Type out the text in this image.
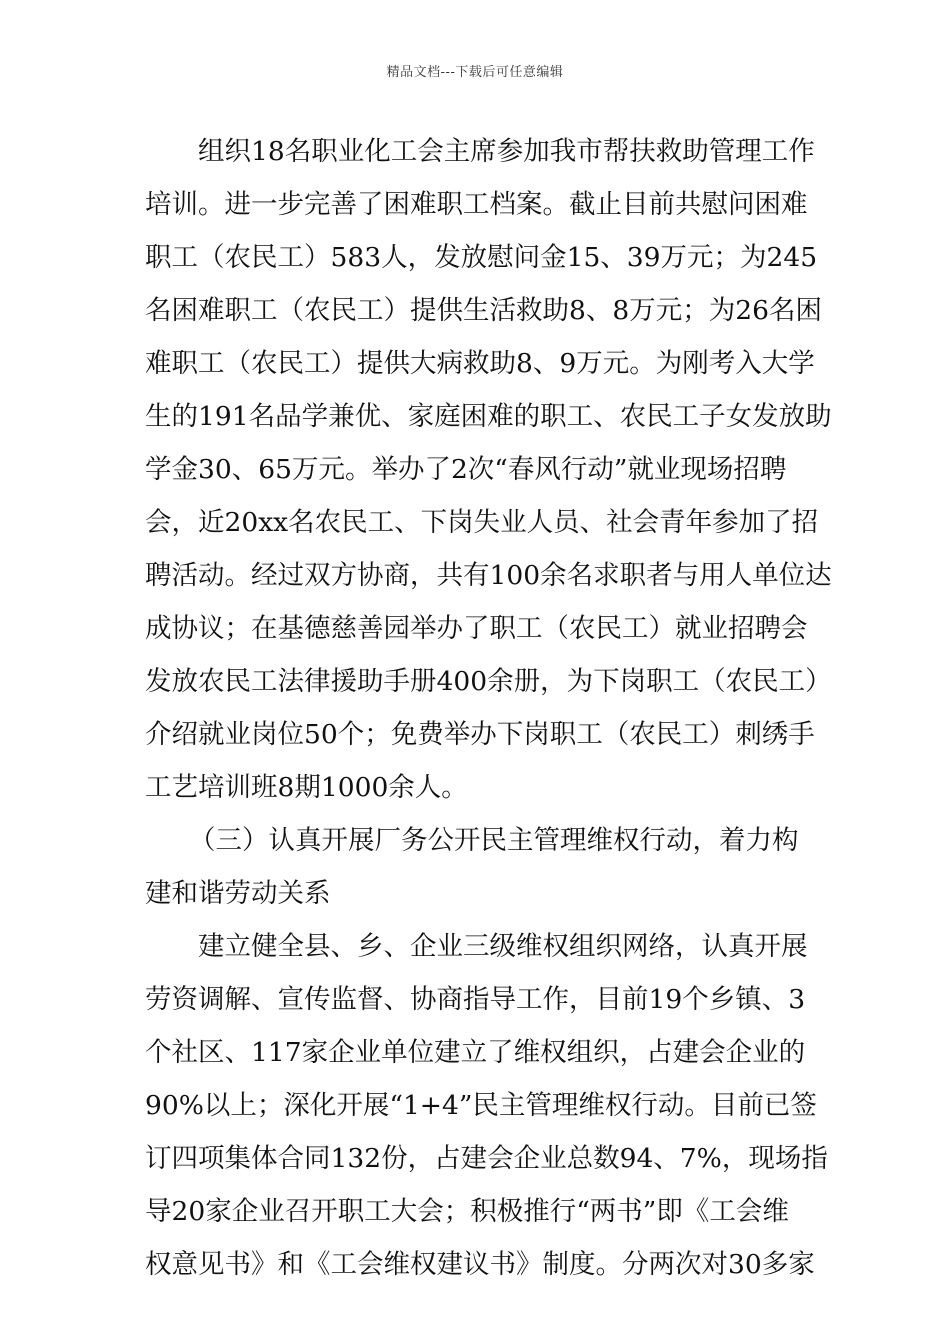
精品文档---下载后可任意编辑
组织18名职业化工会主席参加我市帮扶救助管理工作
培训。进一步完善了困难职工档案。截止目前共慰问困难
职工（农民工）583人，发放慰问金15、39万元；为245
名困难职工（农民工）提供生活救助8、8万元；为26名困
难职工（农民工）提供大病救助8、9万元。为刚考入大学
生的191名品学兼优、家庭困难的职工、农民工子女发放助
学金30、65万元。举办了2次“春风行动”就业现场招聘
会，近20xx名农民工、下岗失业人员、社会青年参加了招
聘活动。经过双方协商，共有100余名求职者与用人单位达
成协议；在基德慈善园举办了职工（农民工）就业招聘会
发放农民工法律援助手册400余册，为下岗职工（农民工）
介绍就业岗位50个；免费举办下岗职工（农民工）刺绣手
工艺培训班8期1000余人。
（三）认真开展厂务公开民主管理维权行动，着力构
建和谐劳动关系
建立健全县、乡、企业三级维权组织网络，认真开展
劳资调解、宣传监督、协商指导工作，目前19个乡镇、3
个社区、117家企业单位建立了维权组织，占建会企业的
90%以上；深化开展“1+4”民主管理维权行动。目前已签
订四项集体合同132份，占建会企业总数94、7%，现场指
导20家企业召开职工大会；积极推行“两书”即《工会维
权意见书》和《工会维权建议书》制度。分两次对30多家
